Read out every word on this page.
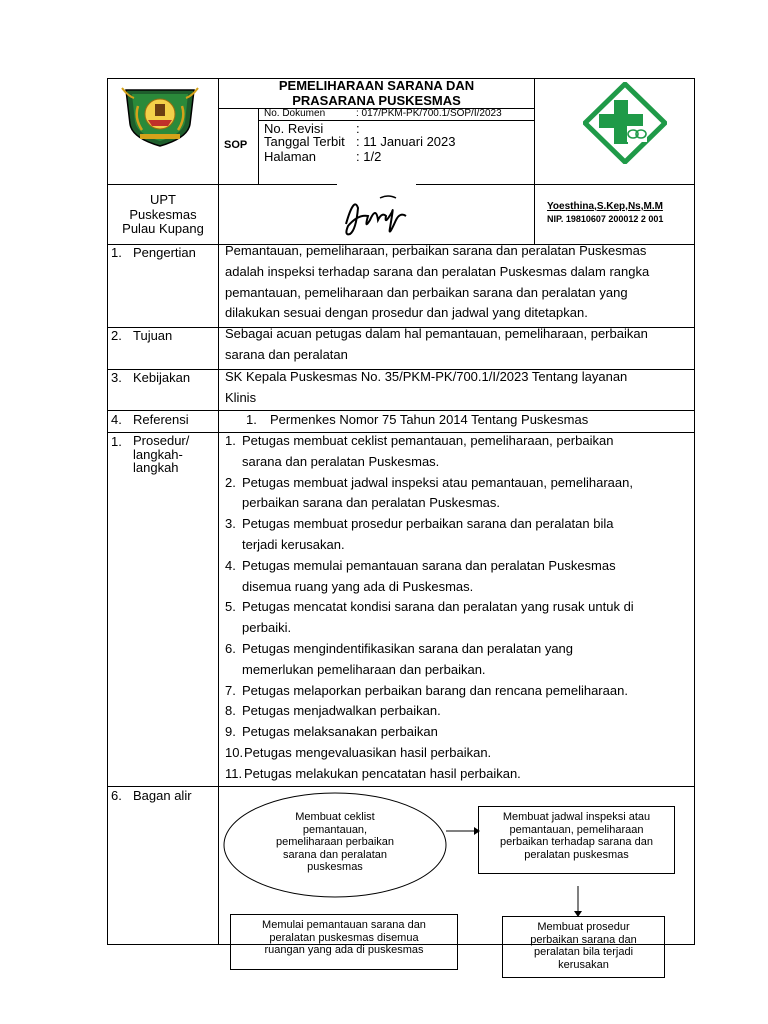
PEMELIHARAAN SARANA DAN
PRASARANA PUSKESMAS
SOP
No. Dokumen	: 017/PKM-PK/700.1/SOP/I/2023
No. Revisi	:
Tanggal Terbit : 11 Januari 2023
Halaman	: 1/2
UPT
Puskesmas
Pulau Kupang
Yoesthina,S.Kep,Ns,M.M
NIP. 19810607 200012 2 001
1. Pengertian Pemantauan, pemeliharaan, perbaikan sarana dan peralatan Puskesmas
adalah inspeksi terhadap sarana dan peralatan Puskesmas dalam rangka
pemantauan, pemeliharaan dan perbaikan sarana dan peralatan yang
dilakukan sesuai dengan prosedur dan jadwal yang ditetapkan.
2. Tujuan	Sebagai acuan petugas dalam hal pemantauan, pemeliharaan, perbaikan
sarana dan peralatan
3. Kebijakan	SK Kepala Puskesmas No. 35/PKM-PK/700.1/I/2023 Tentang layanan
Klinis
4. Referensi	1. Permenkes Nomor 75 Tahun 2014 Tentang Puskesmas
1. Prosedur/
langkah-
langkah
1. Petugas membuat ceklist pemantauan, pemeliharaan, perbaikan
sarana dan peralatan Puskesmas.
2. Petugas membuat jadwal inspeksi atau pemantauan, pemeliharaan,
perbaikan sarana dan peralatan Puskesmas.
3. Petugas membuat prosedur perbaikan sarana dan peralatan bila
terjadi kerusakan.
4. Petugas memulai pemantauan sarana dan peralatan Puskesmas
disemua ruang yang ada di Puskesmas.
5. Petugas mencatat kondisi sarana dan peralatan yang rusak untuk di
perbaiki.
6. Petugas mengindentifikasikan sarana dan peralatan yang
memerlukan pemeliharaan dan perbaikan.
7. Petugas melaporkan perbaikan barang dan rencana pemeliharaan.
8. Petugas menjadwalkan perbaikan.
9. Petugas melaksanakan perbaikan
10. Petugas mengevaluasikan hasil perbaikan.
11. Petugas melakukan pencatatan hasil perbaikan.
6. Bagan alir
Membuat ceklist
pemantauan,
pemeliharaan perbaikan
sarana dan peralatan
puskesmas
Membuat jadwal inspeksi atau
pemantauan, pemeliharaan
perbaikan terhadap sarana dan
peralatan puskesmas
Memulai pemantauan sarana dan
peralatan puskesmas disemua
ruangan yang ada di puskesmas
Membuat prosedur
perbaikan sarana dan
peralatan bila terjadi
kerusakan
